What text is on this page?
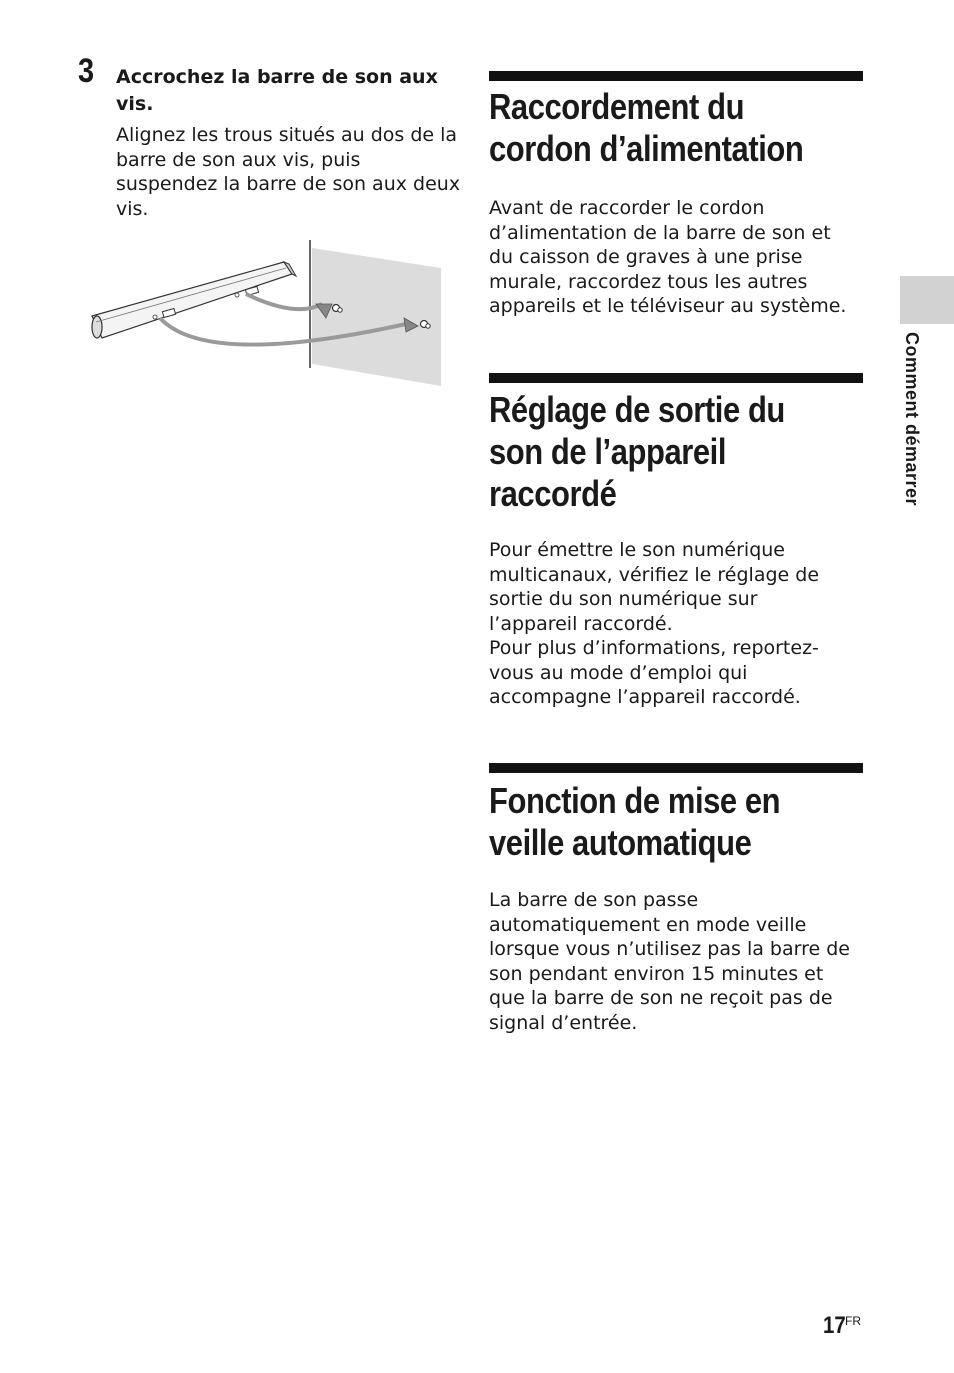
3 Accrochez la barre de son aux vis.
Alignez les trous situés au dos de la barre de son aux vis, puis suspendez la barre de son aux deux vis.
Raccordement du
cordon d’alimentation
Avant de raccorder le cordon
d’alimentation de la barre de son et
du caisson de graves à une prise
murale, raccordez tous les autres
appareils et le téléviseur au système.
Réglage de sortie du
son de l’appareil
raccordé
Pour émettre le son numérique
multicanaux, vérifiez le réglage de
sortie du son numérique sur
l’appareil raccordé.
Pour plus d’informations, reportez-
vous au mode d’emploi qui
accompagne l’appareil raccordé.
Fonction de mise en
veille automatique
La barre de son passe
automatiquement en mode veille
lorsque vous n’utilisez pas la barre de
son pendant environ 15 minutes et
que la barre de son ne reçoit pas de
signal d’entrée.
Comment démarrer
17 FR
